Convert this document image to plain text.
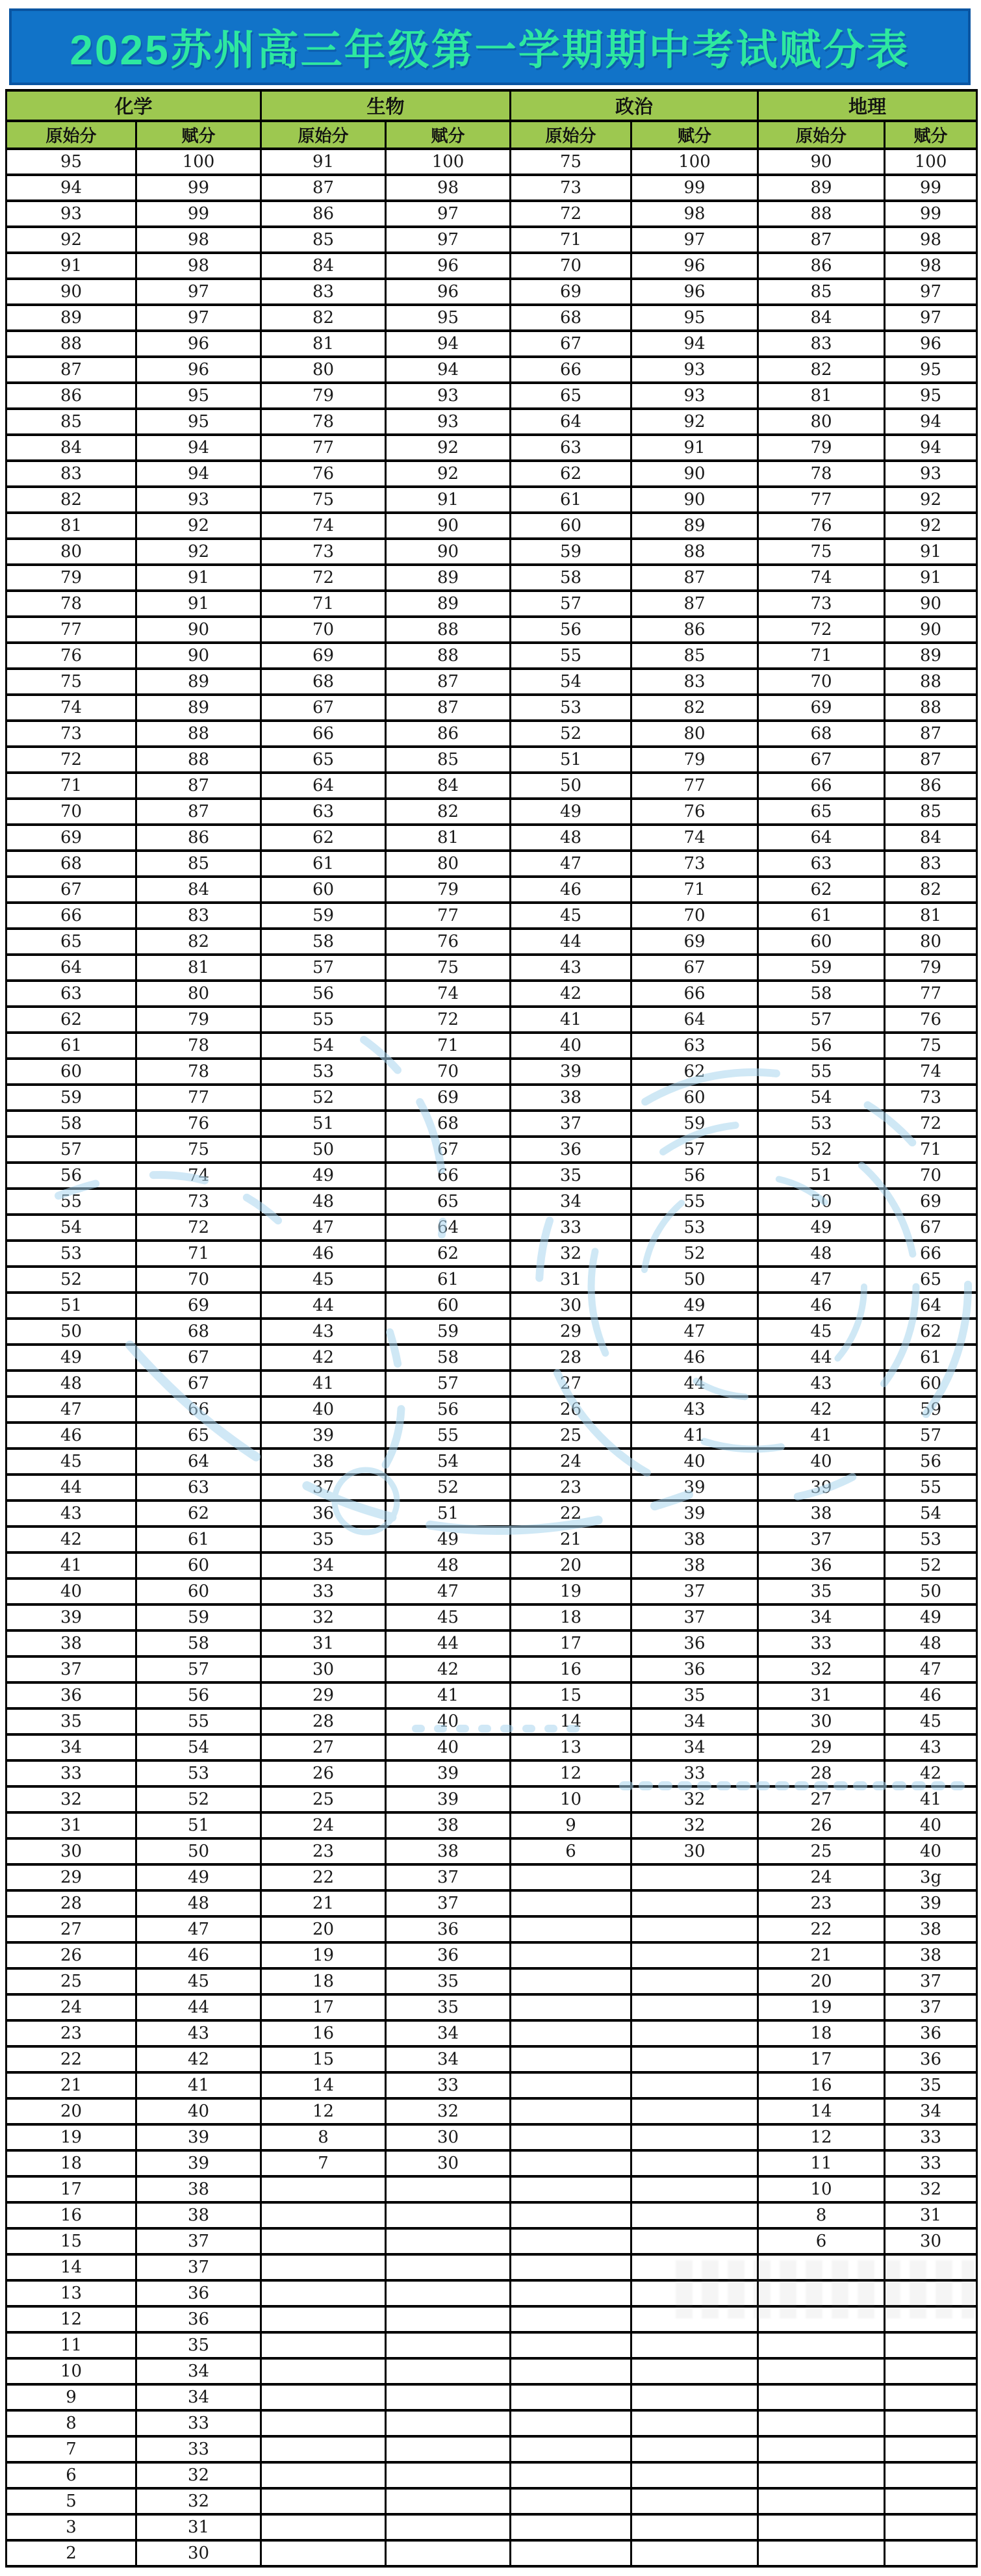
2025苏州高三年级第一学期期中考试赋分表
化学		生物		政治		地理	
原始分	赋分	原始分	赋分	原始分	赋分	原始分	赋分
95	100	91	100	75	100	90	100
94	99	87	98	73	99	89	99
93	99	86	97	72	98	88	99
92	98	85	97	71	97	87	98
91	98	84	96	70	96	86	98
90	97	83	96	69	96	85	97
89	97	82	95	68	95	84	97
88	96	81	94	67	94	83	96
87	96	80	94	66	93	82	95
86	95	79	93	65	93	81	95
85	95	78	93	64	92	80	94
84	94	77	92	63	91	79	94
83	94	76	92	62	90	78	93
82	93	75	91	61	90	77	92
81	92	74	90	60	89	76	92
80	92	73	90	59	88	75	91
79	91	72	89	58	87	74	91
78	91	71	89	57	87	73	90
77	90	70	88	56	86	72	90
76	90	69	88	55	85	71	89
75	89	68	87	54	83	70	88
74	89	67	87	53	82	69	88
73	88	66	86	52	80	68	87
72	88	65	85	51	79	67	87
71	87	64	84	50	77	66	86
70	87	63	82	49	76	65	85
69	86	62	81	48	74	64	84
68	85	61	80	47	73	63	83
67	84	60	79	46	71	62	82
66	83	59	77	45	70	61	81
65	82	58	76	44	69	60	80
64	81	57	75	43	67	59	79
63	80	56	74	42	66	58	77
62	79	55	72	41	64	57	76
61	78	54	71	40	63	56	75
60	78	53	70	39	62	55	74
59	77	52	69	38	60	54	73
58	76	51	68	37	59	53	72
57	75	50	67	36	57	52	71
56	74	49	66	35	56	51	70
55	73	48	65	34	55	50	69
54	72	47	64	33	53	49	67
53	71	46	62	32	52	48	66
52	70	45	61	31	50	47	65
51	69	44	60	30	49	46	64
50	68	43	59	29	47	45	62
49	67	42	58	28	46	44	61
48	67	41	57	27	44	43	60
47	66	40	56	26	43	42	59
46	65	39	55	25	41	41	57
45	64	38	54	24	40	40	56
44	63	37	52	23	39	39	55
43	62	36	51	22	39	38	54
42	61	35	49	21	38	37	53
41	60	34	48	20	38	36	52
40	60	33	47	19	37	35	50
39	59	32	45	18	37	34	49
38	58	31	44	17	36	33	48
37	57	30	42	16	36	32	47
36	56	29	41	15	35	31	46
35	55	28	40	14	34	30	45
34	54	27	40	13	34	29	43
33	53	26	39	12	33	28	42
32	52	25	39	10	32	27	41
31	51	24	38	9	32	26	40
30	50	23	38	6	30	25	40
29	49	22	37			24	3g
28	48	21	37			23	39
27	47	20	36			22	38
26	46	19	36			21	38
25	45	18	35			20	37
24	44	17	35			19	37
23	43	16	34			18	36
22	42	15	34			17	36
21	41	14	33			16	35
20	40	12	32			14	34
19	39	8	30			12	33
18	39	7	30			11	33
17	38					10	32
16	38					8	31
15	37					6	30
14	37						
13	36						
12	36						
11	35						
10	34						
9	34						
8	33						
7	33						
6	32						
5	32						
3	31						
2	30						
